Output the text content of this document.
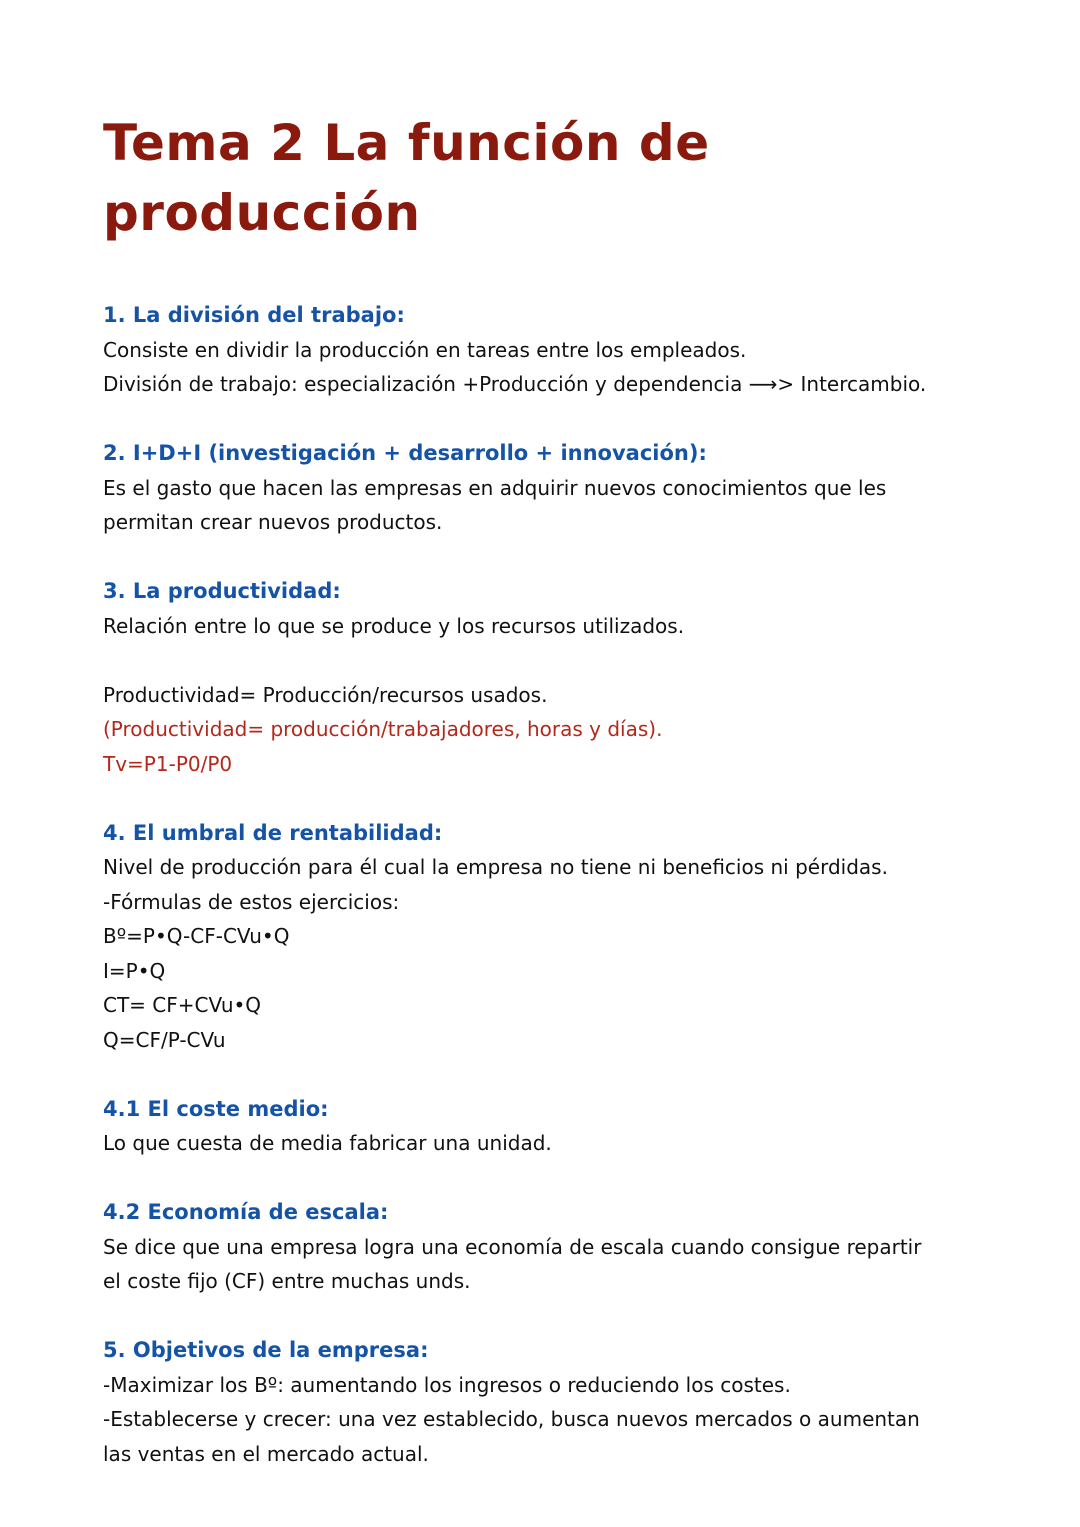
Tema 2 La función de producción

1. La división del trabajo:

Consiste en dividir la producción en tareas entre los empleados.

División de trabajo: especialización +Producción y dependencia ⟶> Intercambio.

2. I+D+I (investigación + desarrollo + innovación):

Es el gasto que hacen las empresas en adquirir nuevos conocimientos que les

permitan crear nuevos productos.

3. La productividad:

Relación entre lo que se produce y los recursos utilizados.

Productividad= Producción/recursos usados.

(Productividad= producción/trabajadores, horas y días).

Tv=P1-P0/P0

4. El umbral de rentabilidad:

Nivel de producción para él cual la empresa no tiene ni beneficios ni pérdidas.

-Fórmulas de estos ejercicios:

Bº=P•Q-CF-CVu•Q

I=P•Q

CT= CF+CVu•Q

Q=CF/P-CVu

4.1 El coste medio:

Lo que cuesta de media fabricar una unidad.

4.2 Economía de escala:

Se dice que una empresa logra una economía de escala cuando consigue repartir

el coste fijo (CF) entre muchas unds.

5. Objetivos de la empresa:

-Maximizar los Bº: aumentando los ingresos o reduciendo los costes.

-Establecerse y crecer: una vez establecido, busca nuevos mercados o aumentan

las ventas en el mercado actual.
